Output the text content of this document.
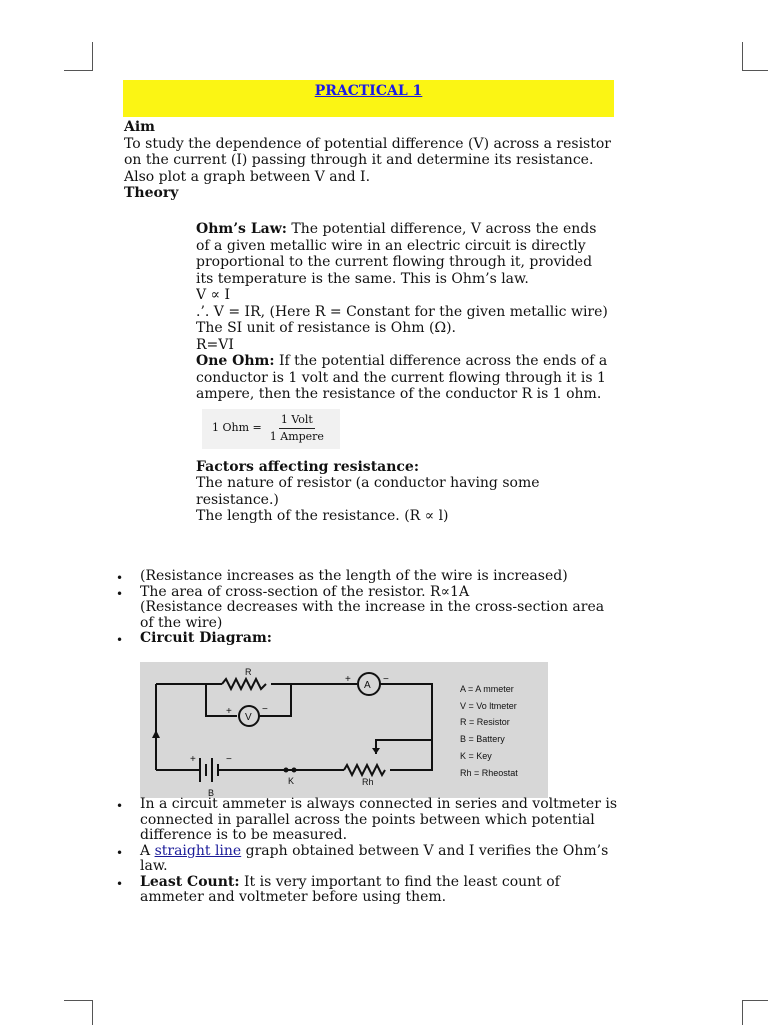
PRACTICAL 1
Aim
To study the dependence of potential difference (V) across a resistor on the current (I) passing through it and determine its resistance. Also plot a graph between V and I.
Theory
• Ohm’s Law: The potential difference, V across the ends of a given metallic wire in an electric circuit is directly proportional to the current flowing through it, provided its temperature is the same. This is Ohm’s law.
V ∝ I
.’. V = IR, (Here R = Constant for the given metallic wire)
• The SI unit of resistance is Ohm (Ω).
R=VI
• One Ohm: If the potential difference across the ends of a conductor is 1 volt and the current flowing through it is 1 ampere, then the resistance of the conductor R is 1 ohm.
1 Ohm = $\frac{\text{1 Volt}}{\text{1 Ampere}}$
• Factors affecting resistance:
• The nature of resistor (a conductor having some resistance.)
• The length of the resistance. (R ∝ l)
• (Resistance increases as the length of the wire is increased)
• The area of cross-section of the resistor. R∝1A
(Resistance decreases with the increase in the cross-section area of the wire)
• Circuit Diagram:
R
A
V
B
K	Rh
+	−
+	−
+	−
A = A mmeter
V = Vo ltmeter
R = Resistor
B = Battery
K = Key
Rh = Rheostat
• In a circuit ammeter is always connected in series and voltmeter is connected in parallel across the points between which potential difference is to be measured.
• A straight line graph obtained between V and I verifies the Ohm’s law.
• Least Count: It is very important to find the least count of ammeter and voltmeter before using them.
